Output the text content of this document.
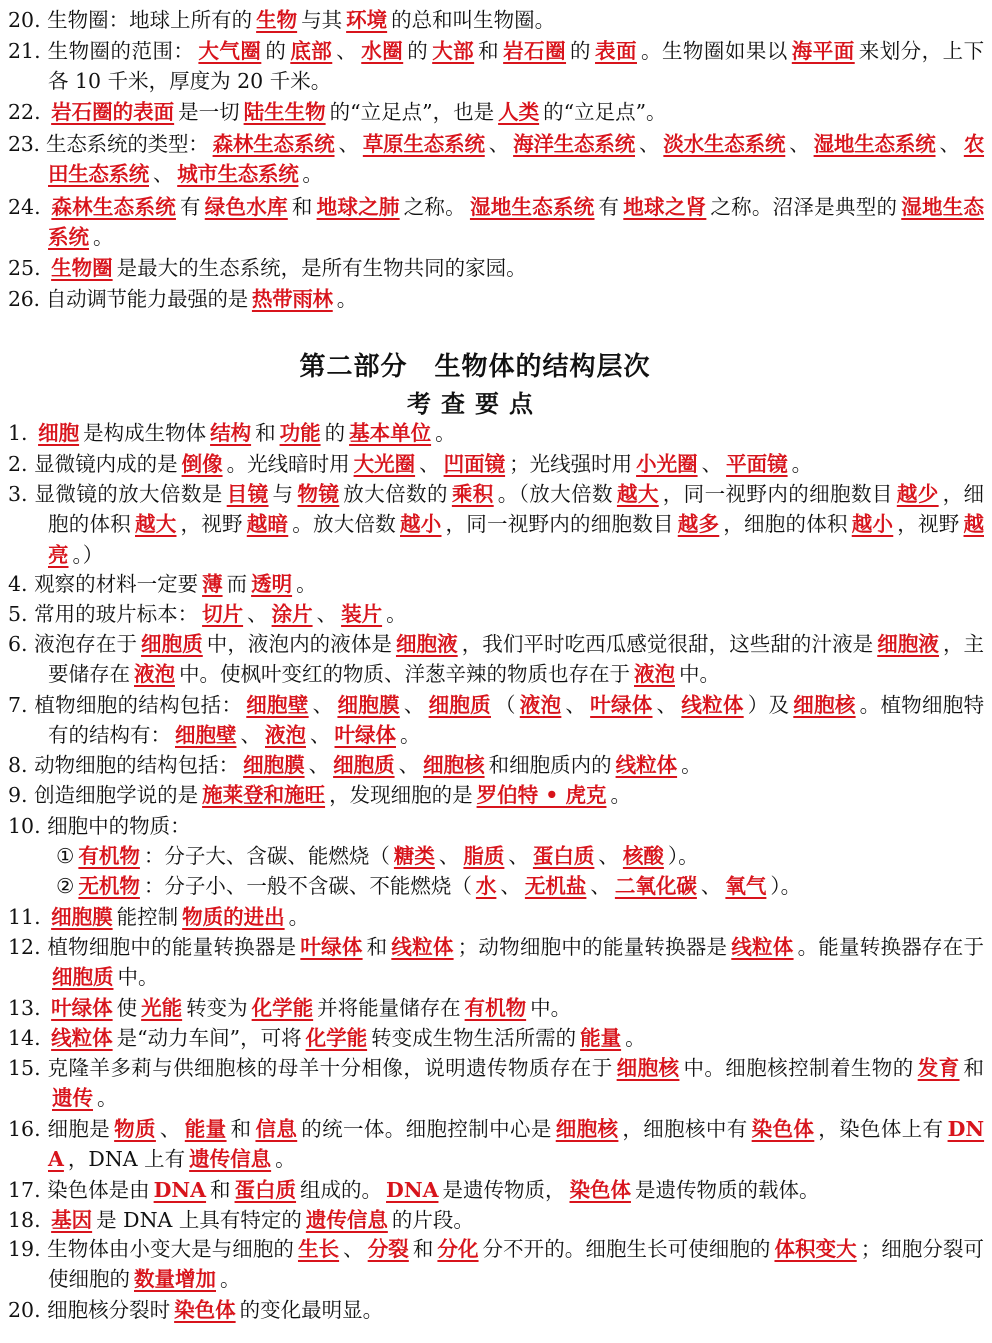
20. 生物圈：地球上所有的 生物 与其 环境 的总和叫生物圈。
21. 生物圈的范围： 大气圈 的 底部 、 水圈 的 大部 和 岩石圈 的 表面 。生物圈如果以 海平面 来划分，上下各 10 千米，厚度为 20 千米。
22. 岩石圈的表面 是一切 陆生生物 的“立足点”，也是 人类 的“立足点”。
23. 生态系统的类型： 森林生态系统 、 草原生态系统 、 海洋生态系统 、 淡水生态系统 、 湿地生态系统 、 农田生态系统 、 城市生态系统 。
24. 森林生态系统 有 绿色水库 和 地球之肺 之称。 湿地生态系统 有 地球之肾 之称。沼泽是典型的 湿地生态系统 。
25. 生物圈 是最大的生态系统，是所有生物共同的家园。
26. 自动调节能力最强的是 热带雨林 。
第二部分　生物体的结构层次
考查要点
1. 细胞 是构成生物体 结构 和 功能 的 基本单位 。
2. 显微镜内成的是 倒像 。光线暗时用 大光圈 、 凹面镜 ；光线强时用 小光圈 、 平面镜 。
3. 显微镜的放大倍数是 目镜 与 物镜 放大倍数的 乘积 。（放大倍数 越大 ，同一视野内的细胞数目 越少 ，细胞的体积 越大 ，视野 越暗 。放大倍数 越小 ，同一视野内的细胞数目 越多 ，细胞的体积 越小 ，视野 越亮 。）
4. 观察的材料一定要 薄 而 透明 。
5. 常用的玻片标本： 切片 、 涂片 、 装片 。
6. 液泡存在于 细胞质 中，液泡内的液体是 细胞液 ，我们平时吃西瓜感觉很甜，这些甜的汁液是 细胞液 ，主要储存在 液泡 中。使枫叶变红的物质、洋葱辛辣的物质也存在于 液泡 中。
7. 植物细胞的结构包括： 细胞壁 、 细胞膜 、 细胞质 （ 液泡 、 叶绿体 、 线粒体 ）及 细胞核 。植物细胞特有的结构有： 细胞壁 、 液泡 、 叶绿体 。
8. 动物细胞的结构包括： 细胞膜 、 细胞质 、 细胞核 和细胞质内的 线粒体 。
9. 创造细胞学说的是 施莱登和施旺 ，发现细胞的是 罗伯特 • 虎克 。
10. 细胞中的物质：
① 有机物 ：分子大、含碳、能燃烧（ 糖类 、 脂质 、 蛋白质 、 核酸 ）。
② 无机物 ：分子小、一般不含碳、不能燃烧（ 水 、 无机盐 、 二氧化碳 、 氧气 ）。
11. 细胞膜 能控制 物质的进出 。
12. 植物细胞中的能量转换器是 叶绿体 和 线粒体 ；动物细胞中的能量转换器是 线粒体 。能量转换器存在于细胞质 中。
13. 叶绿体 使 光能 转变为 化学能 并将能量储存在 有机物 中。
14. 线粒体 是“动力车间”，可将 化学能 转变成生物生活所需的 能量 。
15. 克隆羊多莉与供细胞核的母羊十分相像，说明遗传物质存在于 细胞核 中。细胞核控制着生物的 发育 和遗传 。
16. 细胞是 物质 、 能量 和 信息 的统一体。细胞控制中心是 细胞核 ，细胞核中有 染色体 ，染色体上有 DNA ，DNA 上有 遗传信息 。
17. 染色体是由 DNA 和 蛋白质 组成的。 DNA 是遗传物质， 染色体 是遗传物质的载体。
18. 基因 是 DNA 上具有特定的 遗传信息 的片段。
19. 生物体由小变大是与细胞的 生长 、 分裂 和 分化 分不开的。细胞生长可使细胞的 体积变大 ；细胞分裂可使细胞的 数量增加 。
20. 细胞核分裂时 染色体 的变化最明显。
